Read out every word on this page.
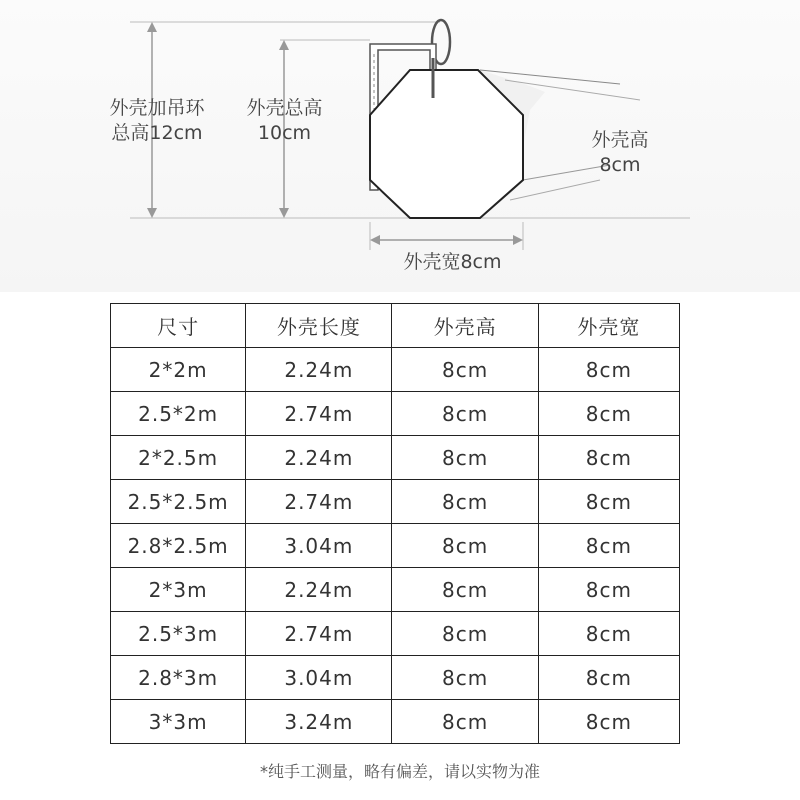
外壳加吊环
总高12cm
外壳总高
10cm	外壳高
8cm
外壳宽8cm
尺寸	外壳长度	外壳高	外壳宽
2*2m	2.24m	8cm	8cm
2.5*2m	2.74m	8cm	8cm
2*2.5m	2.24m	8cm	8cm
2.5*2.5m	2.74m	8cm	8cm
2.8*2.5m	3.04m	8cm	8cm
2*3m	2.24m	8cm	8cm
2.5*3m	2.74m	8cm	8cm
2.8*3m	3.04m	8cm	8cm
3*3m	3.24m	8cm	8cm
*纯手工测量，略有偏差，请以实物为准
